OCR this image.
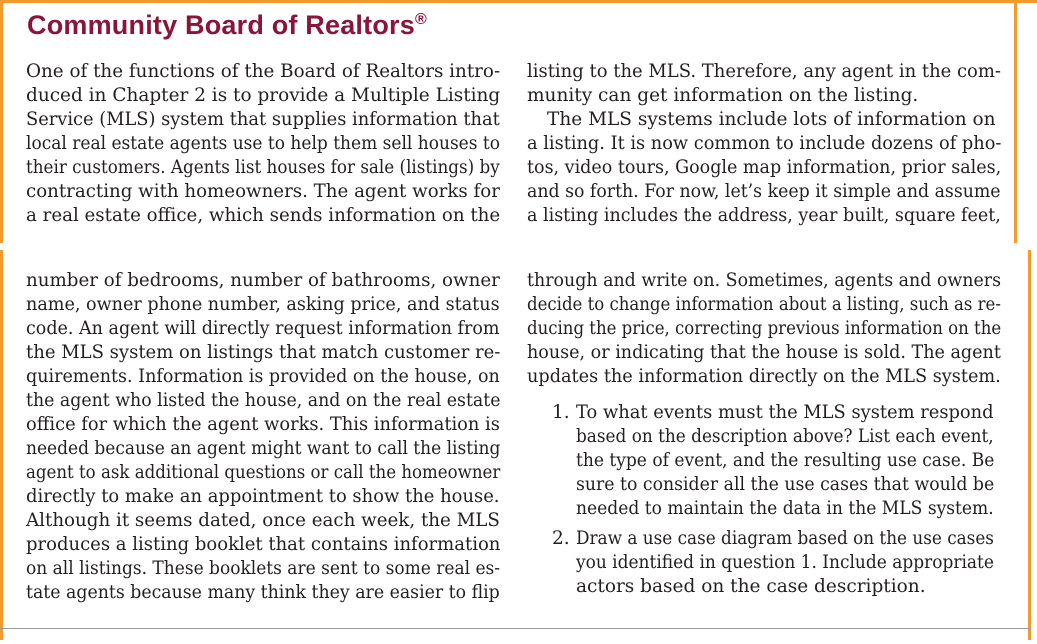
Community Board of Realtors®
One of the functions of the Board of Realtors intro-
duced in Chapter 2 is to provide a Multiple Listing
Service (MLS) system that supplies information that
local real estate agents use to help them sell houses to
their customers. Agents list houses for sale (listings) by
contracting with homeowners. The agent works for
a real estate office, which sends information on the
listing to the MLS. Therefore, any agent in the com-
munity can get information on the listing.
The MLS systems include lots of information on
a listing. It is now common to include dozens of pho-
tos, video tours, Google map information, prior sales,
and so forth. For now, let’s keep it simple and assume
a listing includes the address, year built, square feet,
number of bedrooms, number of bathrooms, owner
name, owner phone number, asking price, and status
code. An agent will directly request information from
the MLS system on listings that match customer re-
quirements. Information is provided on the house, on
the agent who listed the house, and on the real estate
office for which the agent works. This information is
needed because an agent might want to call the listing
agent to ask additional questions or call the homeowner
directly to make an appointment to show the house.
Although it seems dated, once each week, the MLS
produces a listing booklet that contains information
on all listings. These booklets are sent to some real es-
tate agents because many think they are easier to flip
through and write on. Sometimes, agents and owners
decide to change information about a listing, such as re-
ducing the price, correcting previous information on the
house, or indicating that the house is sold. The agent
updates the information directly on the MLS system.
1. To what events must the MLS system respond
based on the description above? List each event,
the type of event, and the resulting use case. Be
sure to consider all the use cases that would be
needed to maintain the data in the MLS system.
2. Draw a use case diagram based on the use cases
you identified in question 1. Include appropriate
actors based on the case description.
